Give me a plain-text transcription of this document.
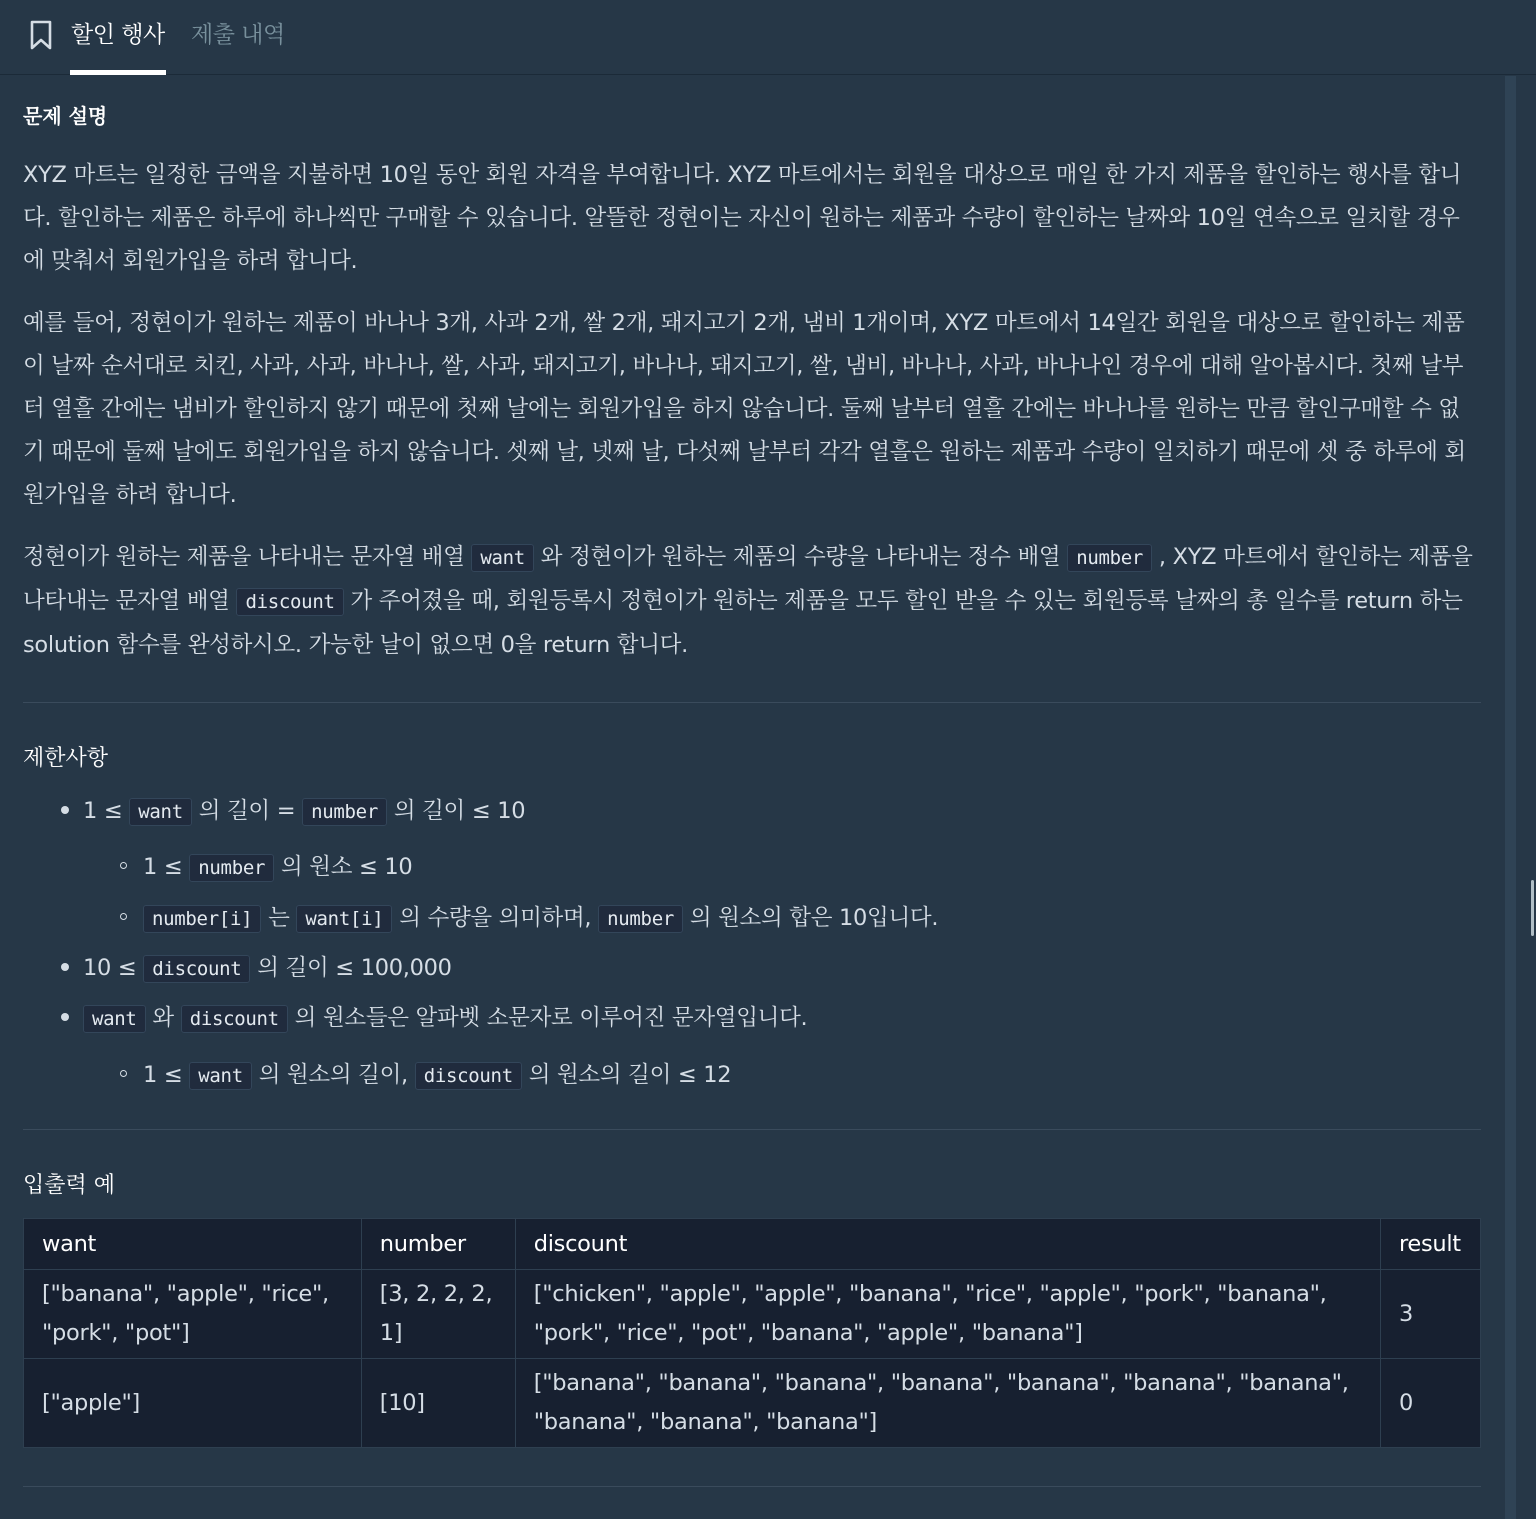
할인 행사 제출 내역
문제 설명

XYZ 마트는 일정한 금액을 지불하면 10일 동안 회원 자격을 부여합니다. XYZ 마트에서는 회원을 대상으로 매일 한 가지 제품을 할인하는 행사를 합니다. 할인하는 제품은 하루에 하나씩만 구매할 수 있습니다. 알뜰한 정현이는 자신이 원하는 제품과 수량이 할인하는 날짜와 10일 연속으로 일치할 경우에 맞춰서 회원가입을 하려 합니다.

예를 들어, 정현이가 원하는 제품이 바나나 3개, 사과 2개, 쌀 2개, 돼지고기 2개, 냄비 1개이며, XYZ 마트에서 14일간 회원을 대상으로 할인하는 제품이 날짜 순서대로 치킨, 사과, 사과, 바나나, 쌀, 사과, 돼지고기, 바나나, 돼지고기, 쌀, 냄비, 바나나, 사과, 바나나인 경우에 대해 알아봅시다. 첫째 날부터 열흘 간에는 냄비가 할인하지 않기 때문에 첫째 날에는 회원가입을 하지 않습니다. 둘째 날부터 열흘 간에는 바나나를 원하는 만큼 할인구매할 수 없기 때문에 둘째 날에도 회원가입을 하지 않습니다. 셋째 날, 넷째 날, 다섯째 날부터 각각 열흘은 원하는 제품과 수량이 일치하기 때문에 셋 중 하루에 회원가입을 하려 합니다.

정현이가 원하는 제품을 나타내는 문자열 배열 want 와 정현이가 원하는 제품의 수량을 나타내는 정수 배열 number , XYZ 마트에서 할인하는 제품을 나타내는 문자열 배열 discount 가 주어졌을 때, 회원등록시 정현이가 원하는 제품을 모두 할인 받을 수 있는 회원등록 날짜의 총 일수를 return 하는 solution 함수를 완성하시오. 가능한 날이 없으면 0을 return 합니다.

제한사항
1 ≤ want 의 길이 = number 의 길이 ≤ 10
1 ≤ number 의 원소 ≤ 10
number[i] 는 want[i] 의 수량을 의미하며, number 의 원소의 합은 10입니다.
10 ≤ discount 의 길이 ≤ 100,000
want 와 discount 의 원소들은 알파벳 소문자로 이루어진 문자열입니다.
1 ≤ want 의 원소의 길이, discount 의 원소의 길이 ≤ 12
입출력 예
want	number	discount	result
["banana", "apple", "rice", "pork", "pot"]	[3, 2, 2, 2, 1]	["chicken", "apple", "apple", "banana", "rice", "apple", "pork", "banana", "pork", "rice", "pot", "banana", "apple", "banana"]	3
["apple"]	[10]	["banana", "banana", "banana", "banana", "banana", "banana", "banana", "banana", "banana", "banana"]	0
